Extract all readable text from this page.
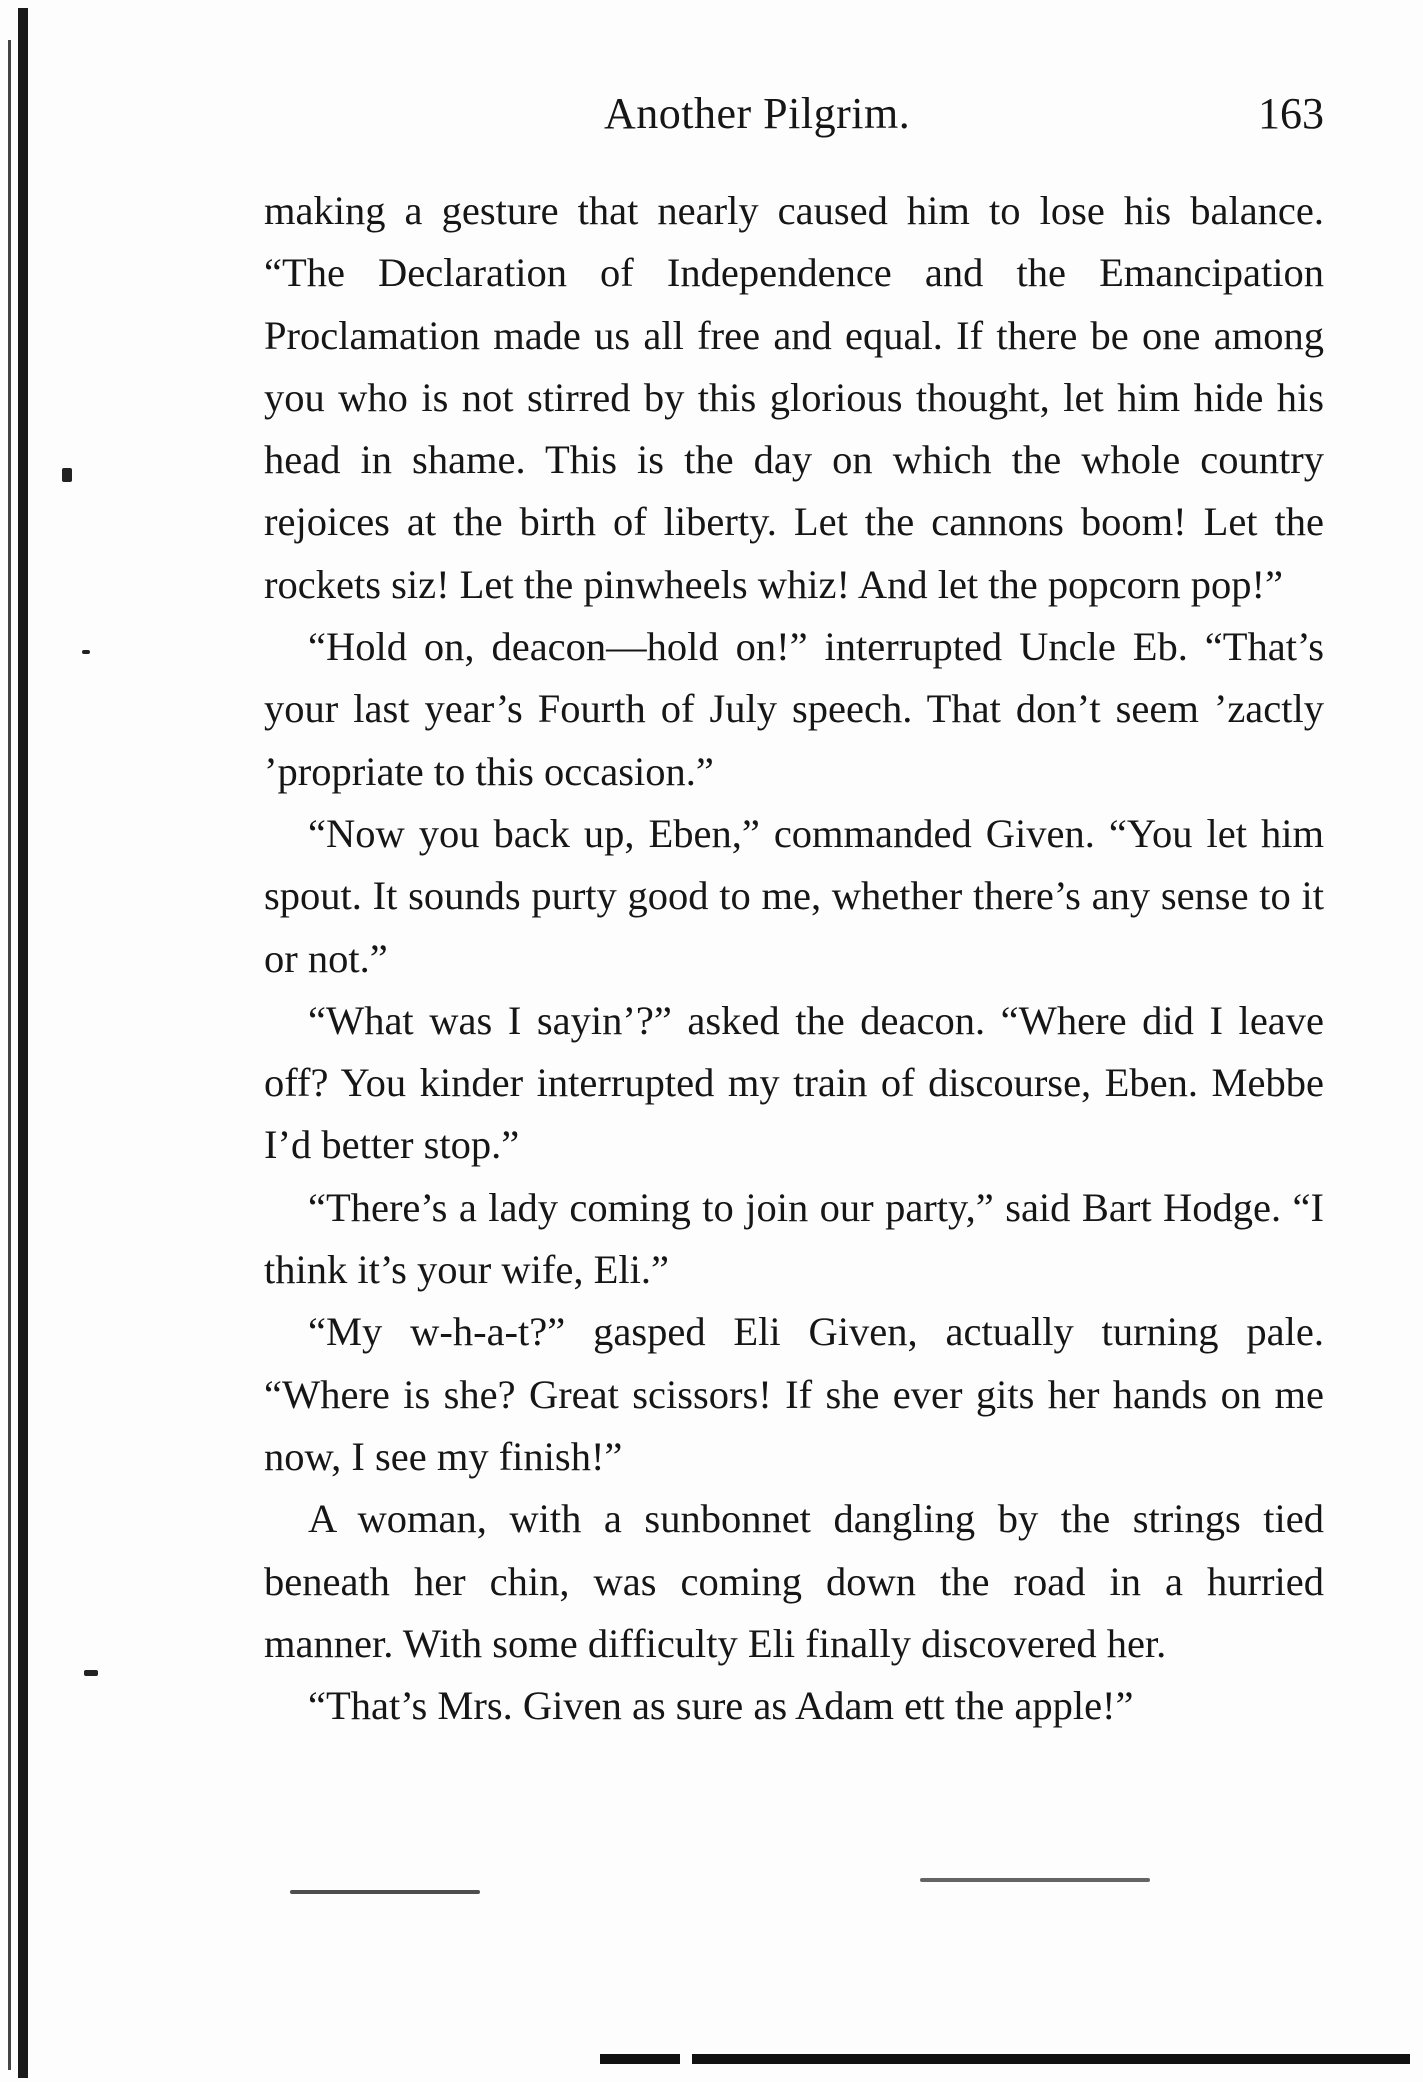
Another Pilgrim.	163

making a gesture that nearly caused him to lose his balance. “The Declaration of Independence and the Emancipation Proclamation made us all free and equal. If there be one among you who is not stirred by this glorious thought, let him hide his head in shame. This is the day on which the whole country rejoices at the birth of liberty. Let the cannons boom! Let the rockets siz! Let the pinwheels whiz! And let the popcorn pop!”

“Hold on, deacon—hold on!” interrupted Uncle Eb. “That’s your last year’s Fourth of July speech. That don’t seem ’zactly ’propriate to this occasion.”

“Now you back up, Eben,” commanded Given. “You let him spout. It sounds purty good to me, whether there’s any sense to it or not.”

“What was I sayin’?” asked the deacon. “Where did I leave off? You kinder interrupted my train of discourse, Eben. Mebbe I’d better stop.”

“There’s a lady coming to join our party,” said Bart Hodge. “I think it’s your wife, Eli.”

“My w-h-a-t?” gasped Eli Given, actually turning pale. “Where is she? Great scissors! If she ever gits her hands on me now, I see my finish!”

A woman, with a sunbonnet dangling by the strings tied beneath her chin, was coming down the road in a hurried manner. With some difficulty Eli finally discovered her.

“That’s Mrs. Given as sure as Adam ett the apple!”
